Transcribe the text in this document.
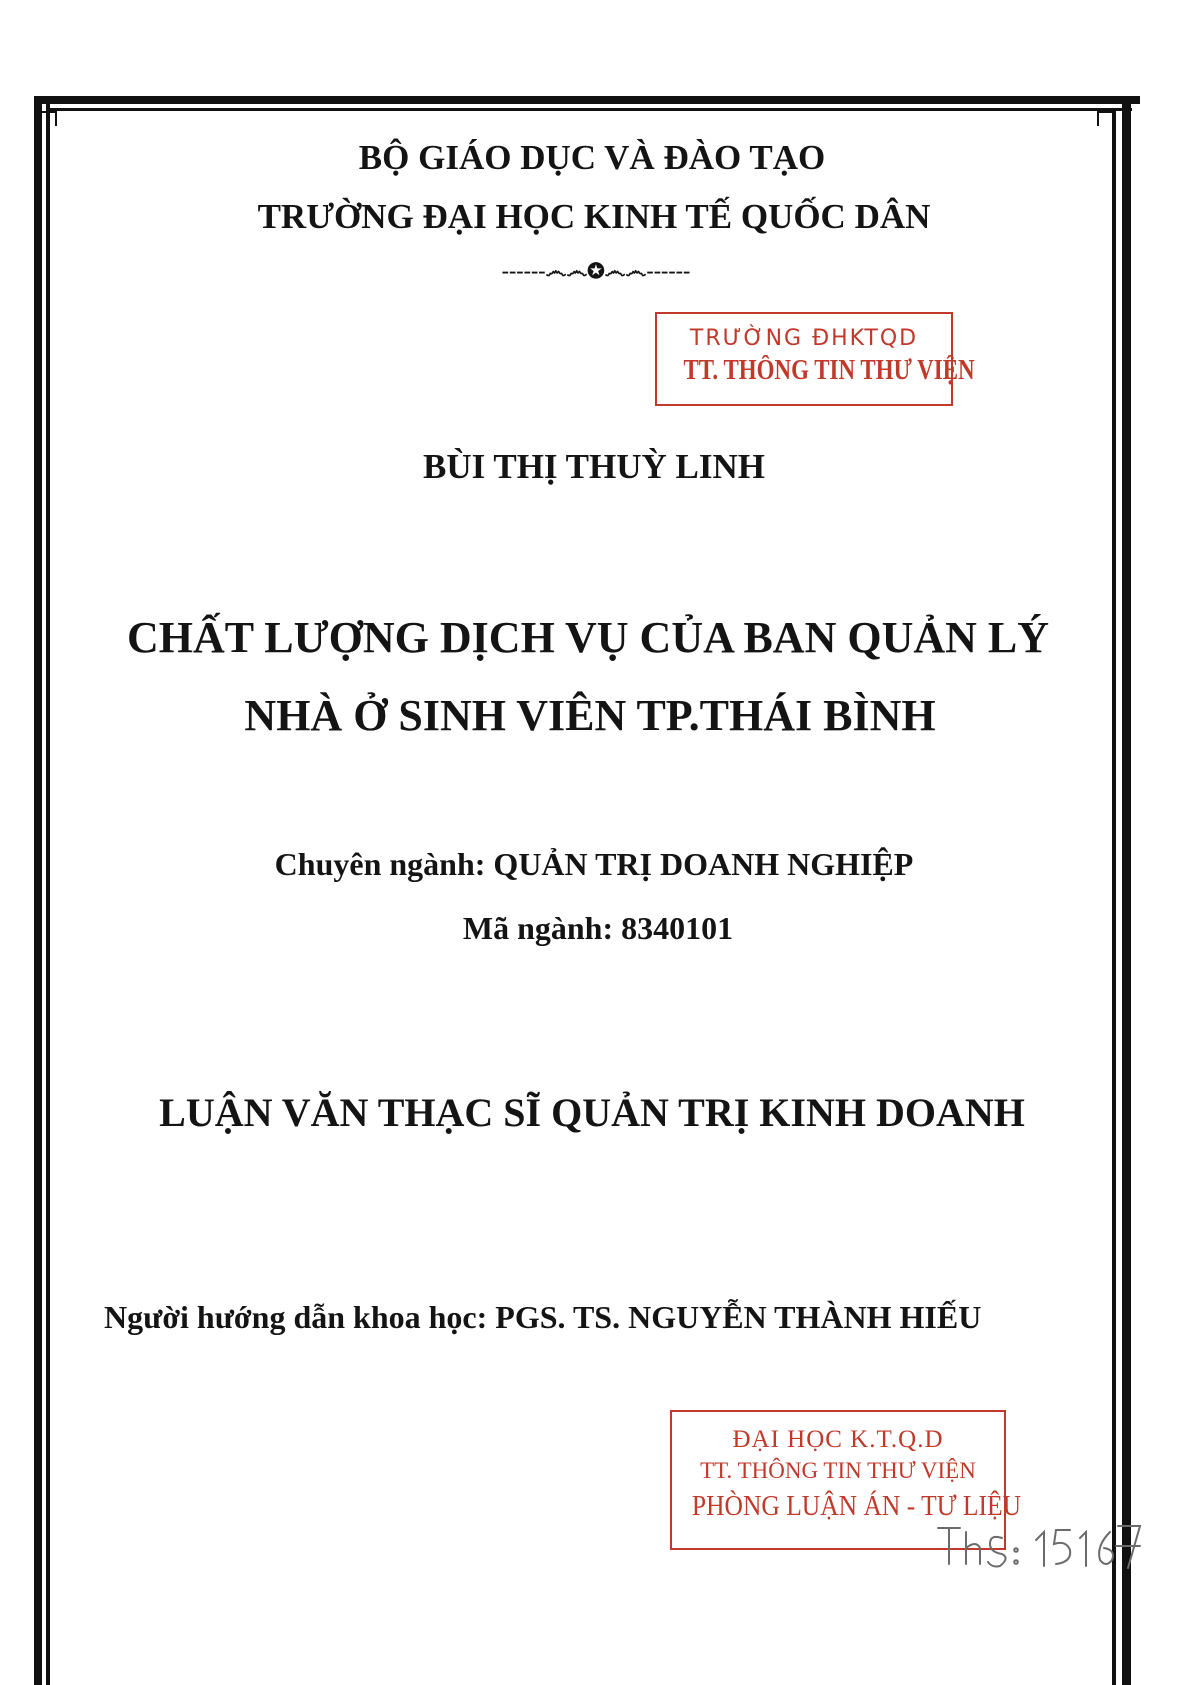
BỘ GIÁO DỤC VÀ ĐÀO TẠO
TRƯỜNG ĐẠI HỌC KINH TẾ QUỐC DÂN
------෴෴✪෴෴------
TRƯỜNG ĐHKTQD
TT. THÔNG TIN THƯ VIỆN
BÙI THỊ THUỲ LINH
CHẤT LƯỢNG DỊCH VỤ CỦA BAN QUẢN LÝ
NHÀ Ở SINH VIÊN TP.THÁI BÌNH
Chuyên ngành: QUẢN TRỊ DOANH NGHIỆP
Mã ngành: 8340101
LUẬN VĂN THẠC SĨ QUẢN TRỊ KINH DOANH
Người hướng dẫn khoa học: PGS. TS. NGUYỄN THÀNH HIẾU
ĐẠI HỌC K.T.Q.D
TT. THÔNG TIN THƯ VIỆN
PHÒNG LUẬN ÁN - TƯ LIỆU
